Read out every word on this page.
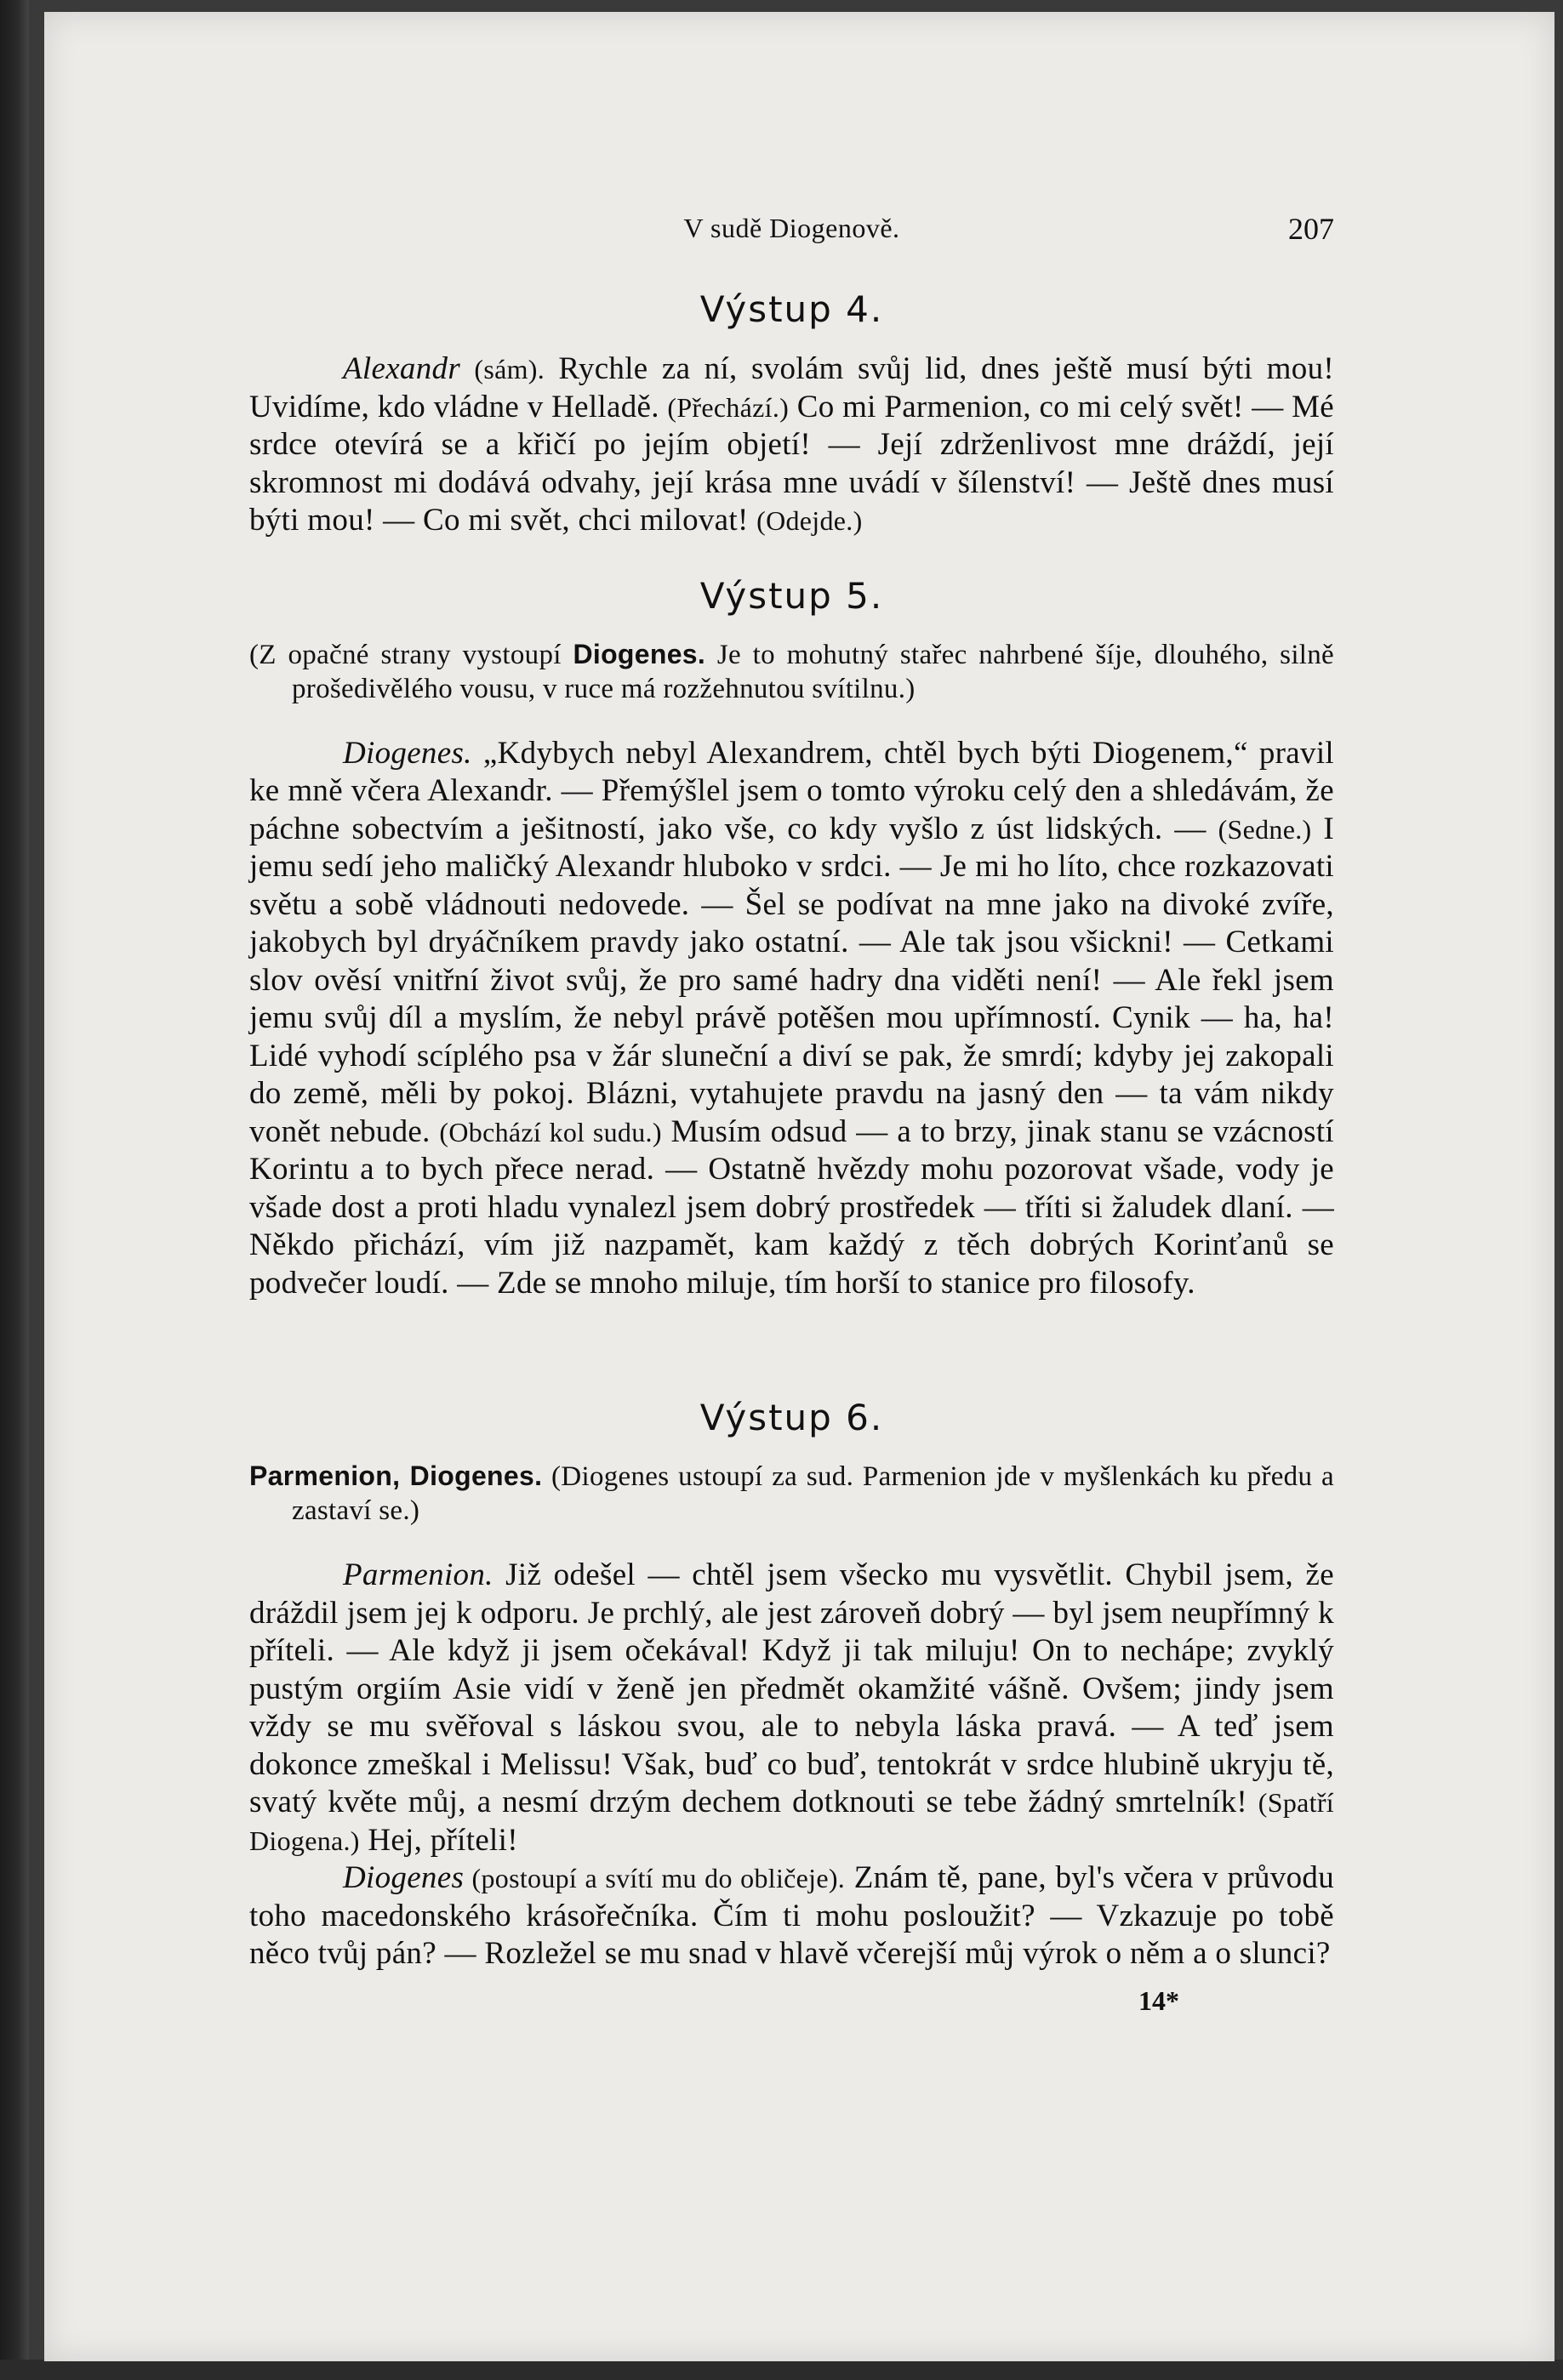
V sudě Diogenově.	207
Výstup 4.

Alexandr (sám). Rychle za ní, svolám svůj lid, dnes ještě musí býti mou! Uvidíme, kdo vládne v Helladě. (Přechází.) Co mi Parmenion, co mi celý svět! — Mé srdce otevírá se a křičí po jejím objetí! — Její zdrženlivost mne dráždí, její skromnost mi dodává odvahy, její krása mne uvádí v šílenství! — Ještě dnes musí býti mou! — Co mi svět, chci milovat! (Odejde.)

Výstup 5.

(Z opačné strany vystoupí Diogenes. Je to mohutný stařec nahrbené šíje, dlouhého, silně prošedivělého vousu, v ruce má rozžehnutou svítilnu.)

Diogenes. „Kdybych nebyl Alexandrem, chtěl bych býti Diogenem,“ pravil ke mně včera Alexandr. — Přemýšlel jsem o tomto výroku celý den a shledávám, že páchne sobectvím a ješitností, jako vše, co kdy vyšlo z úst lidských. — (Sedne.) I jemu sedí jeho maličký Alexandr hluboko v srdci. — Je mi ho líto, chce rozkazovati světu a sobě vládnouti nedovede. — Šel se podívat na mne jako na divoké zvíře, jakobych byl dryáčníkem pravdy jako ostatní. — Ale tak jsou všickni! — Cetkami slov ověsí vnitřní život svůj, že pro samé hadry dna viděti není! — Ale řekl jsem jemu svůj díl a myslím, že nebyl právě potěšen mou upřímností. Cynik — ha, ha! Lidé vyhodí scíplého psa v žár sluneční a diví se pak, že smrdí; kdyby jej zakopali do země, měli by pokoj. Blázni, vytahujete pravdu na jasný den — ta vám nikdy vonět nebude. (Obchází kol sudu.) Musím odsud — a to brzy, jinak stanu se vzácností Korintu a to bych přece nerad. — Ostatně hvězdy mohu pozorovat všade, vody je všade dost a proti hladu vynalezl jsem dobrý prostředek — tříti si žaludek dlaní. — Někdo přichází, vím již nazpamět, kam každý z těch dobrých Korinťanů se podvečer loudí. — Zde se mnoho miluje, tím horší to stanice pro filosofy.

Výstup 6.

Parmenion, Diogenes. (Diogenes ustoupí za sud. Parmenion jde v myšlenkách ku předu a zastaví se.)

Parmenion. Již odešel — chtěl jsem všecko mu vysvětlit. Chybil jsem, že dráždil jsem jej k odporu. Je prchlý, ale jest zároveň dobrý — byl jsem neupřímný k příteli. — Ale když ji jsem očekával! Když ji tak miluju! On to nechápe; zvyklý pustým orgiím Asie vidí v ženě jen předmět okamžité vášně. Ovšem; jindy jsem vždy se mu svěřoval s láskou svou, ale to nebyla láska pravá. — A teď jsem dokonce zmeškal i Melissu! Však, buď co buď, tentokrát v srdce hlubině ukryju tě, svatý květe můj, a nesmí drzým dechem dotknouti se tebe žádný smrtelník! (Spatří Diogena.) Hej, příteli!

Diogenes (postoupí a svítí mu do obličeje). Znám tě, pane, byl's včera v průvodu toho macedonského krásořečníka. Čím ti mohu posloužit? — Vzkazuje po tobě něco tvůj pán? — Rozležel se mu snad v hlavě včerejší můj výrok o něm a o slunci?

14*
